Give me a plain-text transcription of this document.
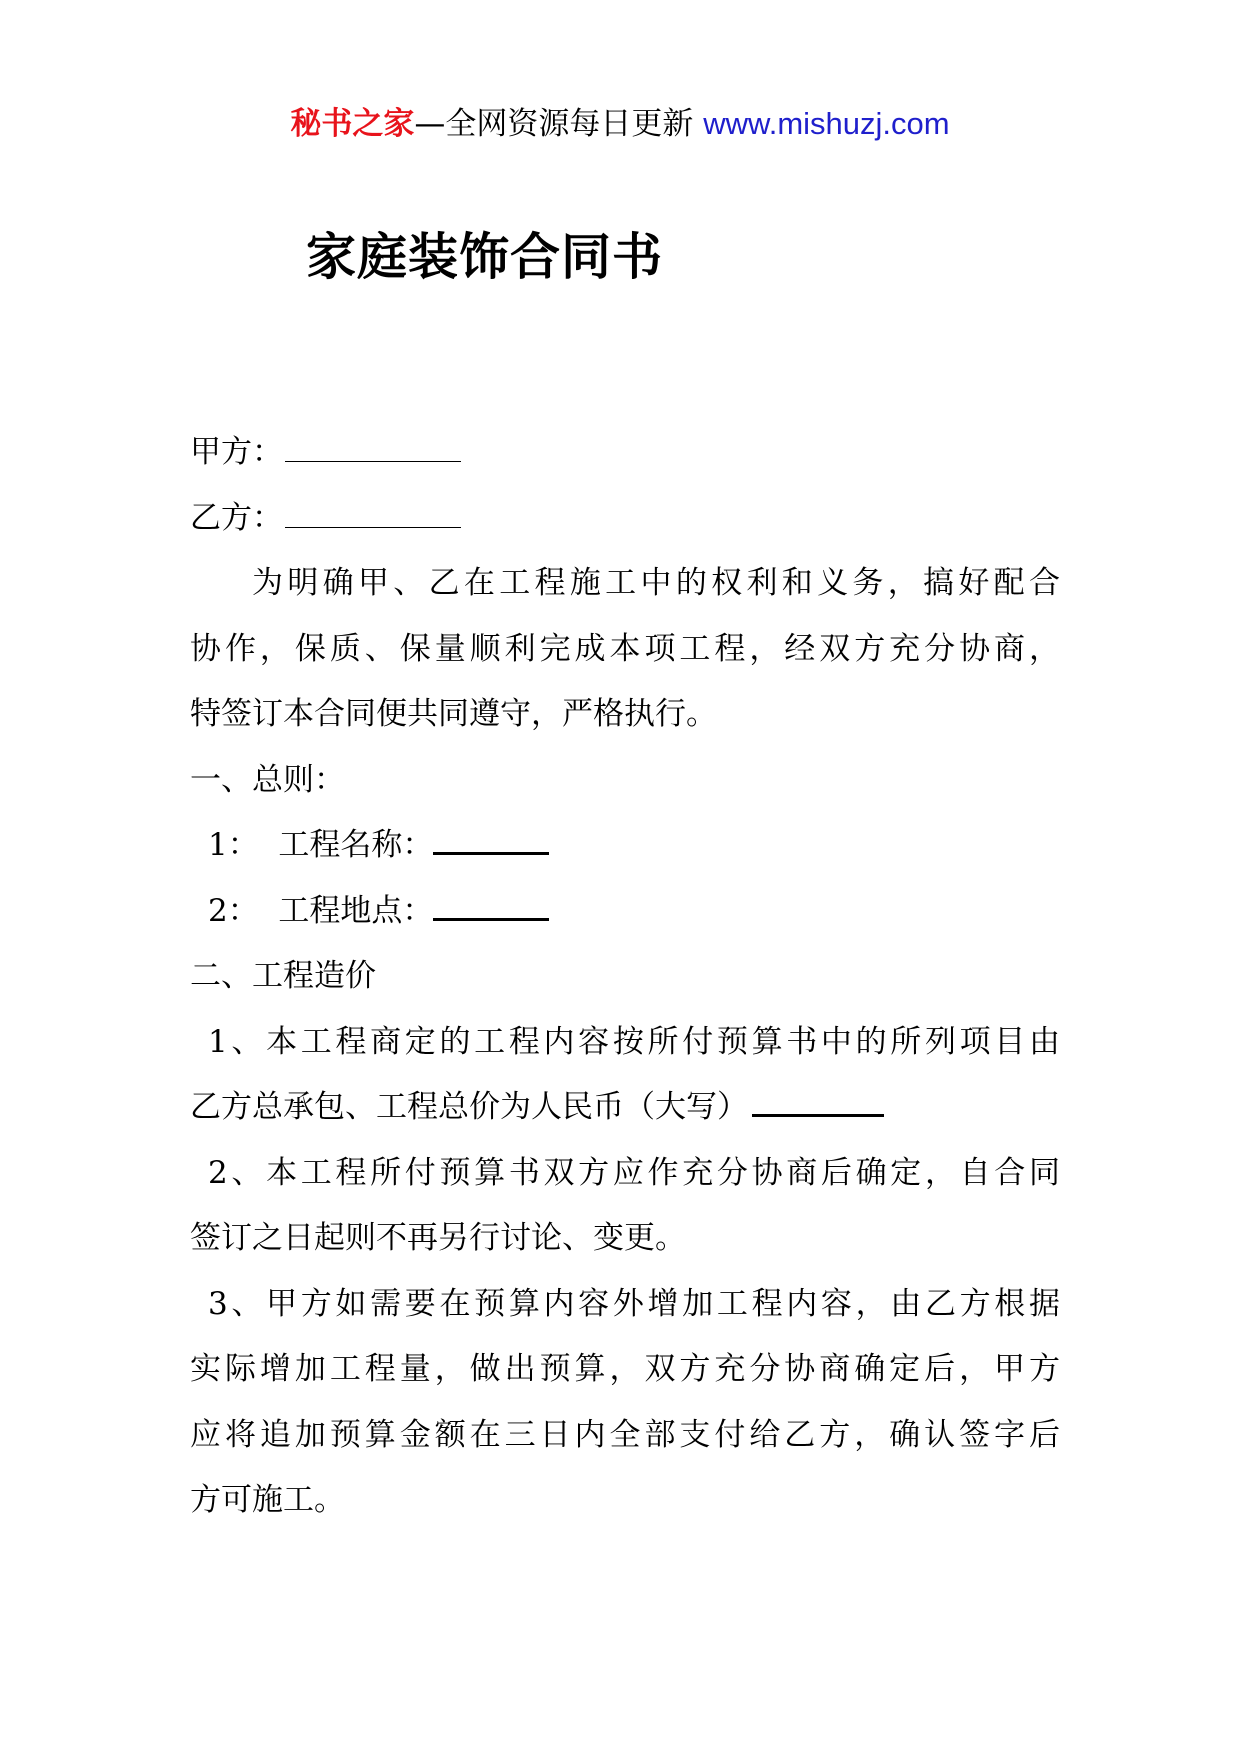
秘书之家—全网资源每日更新 www.mishuzj.com
家庭装饰合同书
甲方：
乙方：
为明确甲、乙在工程施工中的权利和义务，搞好配合
协作，保质、保量顺利完成本项工程，经双方充分协商，
特签订本合同便共同遵守，严格执行。
一、总则：
1：  工程名称：
2：  工程地点：
二、工程造价
1、本工程商定的工程内容按所付预算书中的所列项目由
乙方总承包、工程总价为人民币（大写）
2、本工程所付预算书双方应作充分协商后确定，自合同
签订之日起则不再另行讨论、变更。
3、甲方如需要在预算内容外增加工程内容，由乙方根据
实际增加工程量，做出预算，双方充分协商确定后，甲方
应将追加预算金额在三日内全部支付给乙方，确认签字后
方可施工。
